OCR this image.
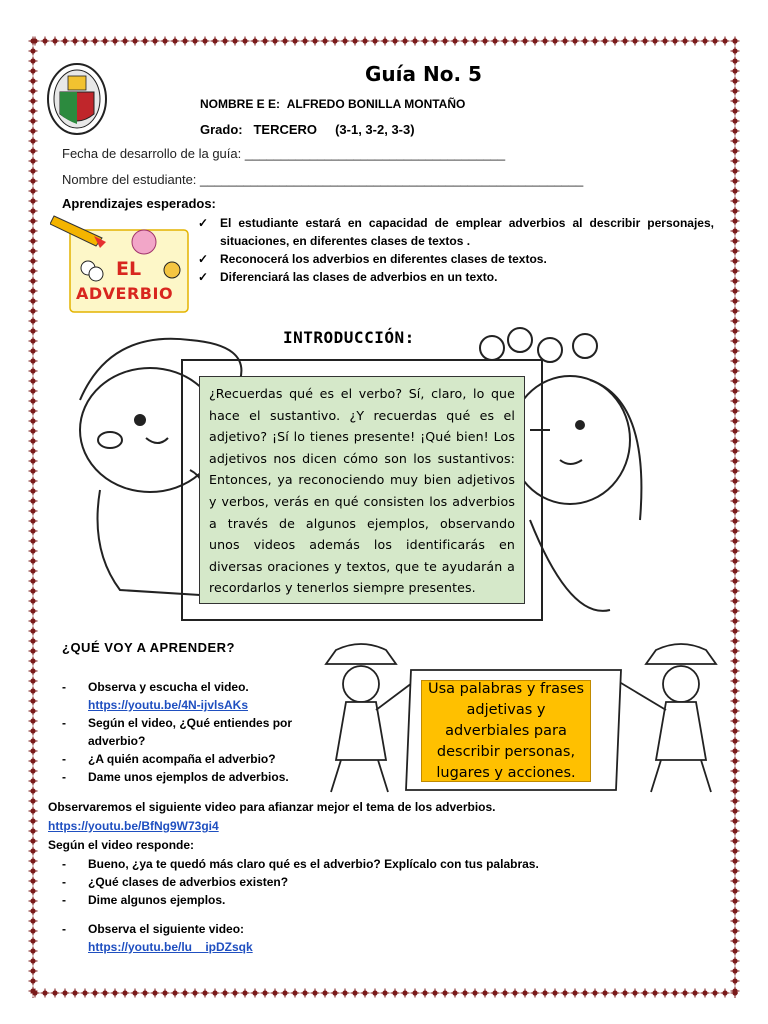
Guía No. 5
NOMBRE E E: ALFREDO BONILLA MONTAÑO
Grado: TERCERO (3-1, 3-2, 3-3)
Fecha de desarrollo de la guía: ____________________________________
Nombre del estudiante: _____________________________________________________
Aprendizajes esperados:
EL
ADVERBIO
✓ El estudiante estará en capacidad de emplear adverbios al describir personajes, situaciones, en diferentes clases de textos .
✓ Reconocerá los adverbios en diferentes clases de textos.
✓ Diferenciará las clases de adverbios en un texto.
INTRODUCCIÓN:
¿Recuerdas qué es el verbo? Sí, claro, lo que hace el sustantivo. ¿Y recuerdas qué es el adjetivo? ¡Sí lo tienes presente! ¡Qué bien! Los adjetivos nos dicen cómo son los sustantivos: Entonces, ya reconociendo muy bien adjetivos y verbos, verás en qué consisten los adverbios a través de algunos ejemplos, observando unos videos además los identificarás en diversas oraciones y textos, que te ayudarán a recordarlos y tenerlos siempre presentes.
¿QUÉ VOY A APRENDER?
-	Observa y escucha el video.
https://youtu.be/4N-ijvlsAKs
-	Según el video, ¿Qué entiendes por adverbio?
-	¿A quién acompaña el adverbio?
-	Dame unos ejemplos de adverbios.
Usa palabras y frases adjetivas y adverbiales para describir personas, lugares y acciones.
Observaremos el siguiente video para afianzar mejor el tema de los adverbios.
https://youtu.be/BfNg9W73gi4
Según el video responde:
-	Bueno, ¿ya te quedó más claro qué es el adverbio? Explícalo con tus palabras.
-	¿Qué clases de adverbios existen?
-	Dime algunos ejemplos.
-	Observa el siguiente video:
https://youtu.be/lu    ipDZsqk
